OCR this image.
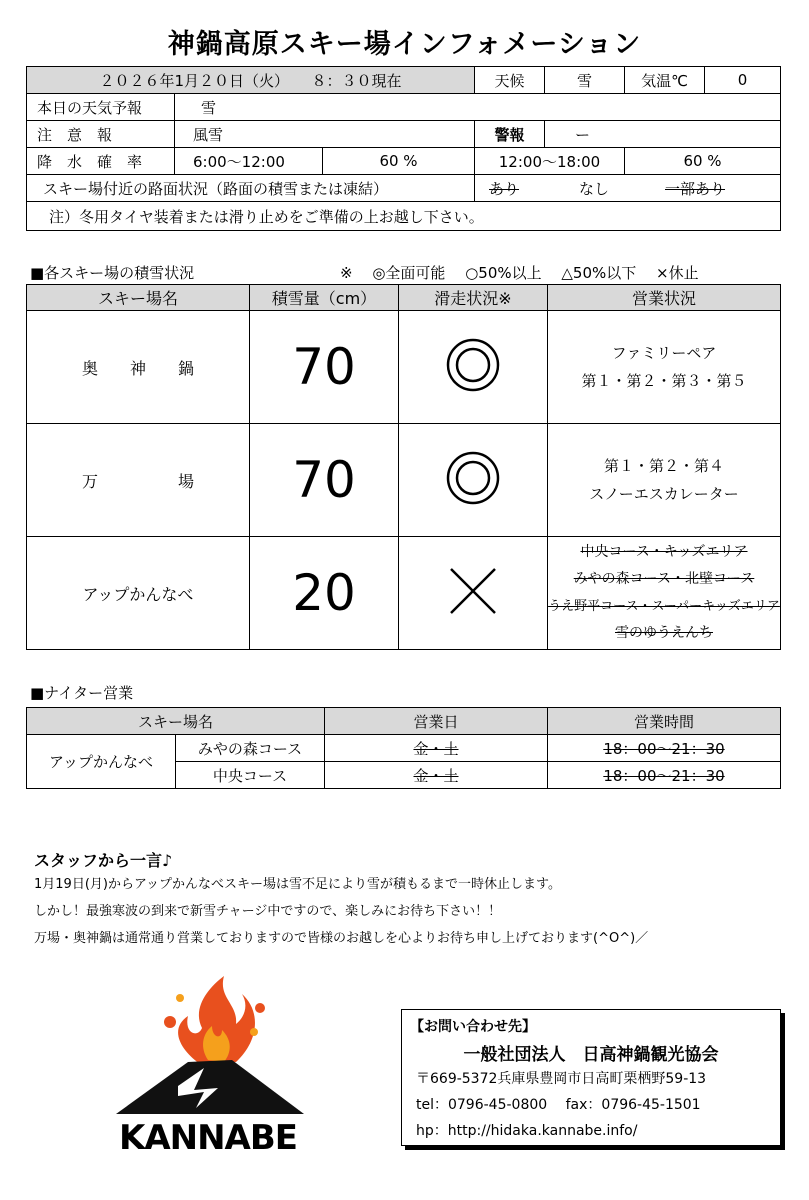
神鍋高原スキー場インフォメーション
２０２６年1月２０日（火）　　８：３０現在	天候	雪	気温℃	0
本日の天気予報	雪
注　意　報	風雪	警報	ー
降　水　確　率	6:00～12:00	60 %	12:00～18:00	60 %
スキー場付近の路面状況（路面の積雪または凍結）	あり	なし	一部あり
注）冬用タイヤ装着または滑り止めをご準備の上お越し下さい。
■各スキー場の積雪状況	※　 ◎全面可能　 ○50%以上　 △50%以下　 ×休止
スキー場名	積雪量（cm）	滑走状況※	営業状況
奥　　神　　鍋	70		ファミリーペア
第１・第２・第３・第５

万　　　　　場	70		第１・第２・第４
スノーエスカレーター

アップかんなべ	20		中央コース・キッズエリア
みやの森コース・北壁コース
うえ野平コース・スーパーキッズエリア
雪のゆうえんち
■ナイター営業
スキー場名		営業日	営業時間
アップかんなべ	みやの森コース	金・土	18：00～21：30
	中央コース	金・土	18：00～21：30
スタッフから一言♪

1月19日(月)からアップかんなべスキー場は雪不足により雪が積もるまで一時休止します。

しかし！最強寒波の到来で新雪チャージ中ですので、楽しみにお待ち下さい！！

万場・奥神鍋は通常通り営業しておりますので皆様のお越しを心よりお待ち申し上げております(^O^)／

KANNABE
【お問い合わせ先】
一般社団法人　日高神鍋観光協会
〒669-5372兵庫県豊岡市日高町栗栖野59-13
tel：0796-45-0800　 fax：0796-45-1501
hp：http://hidaka.kannabe.info/
